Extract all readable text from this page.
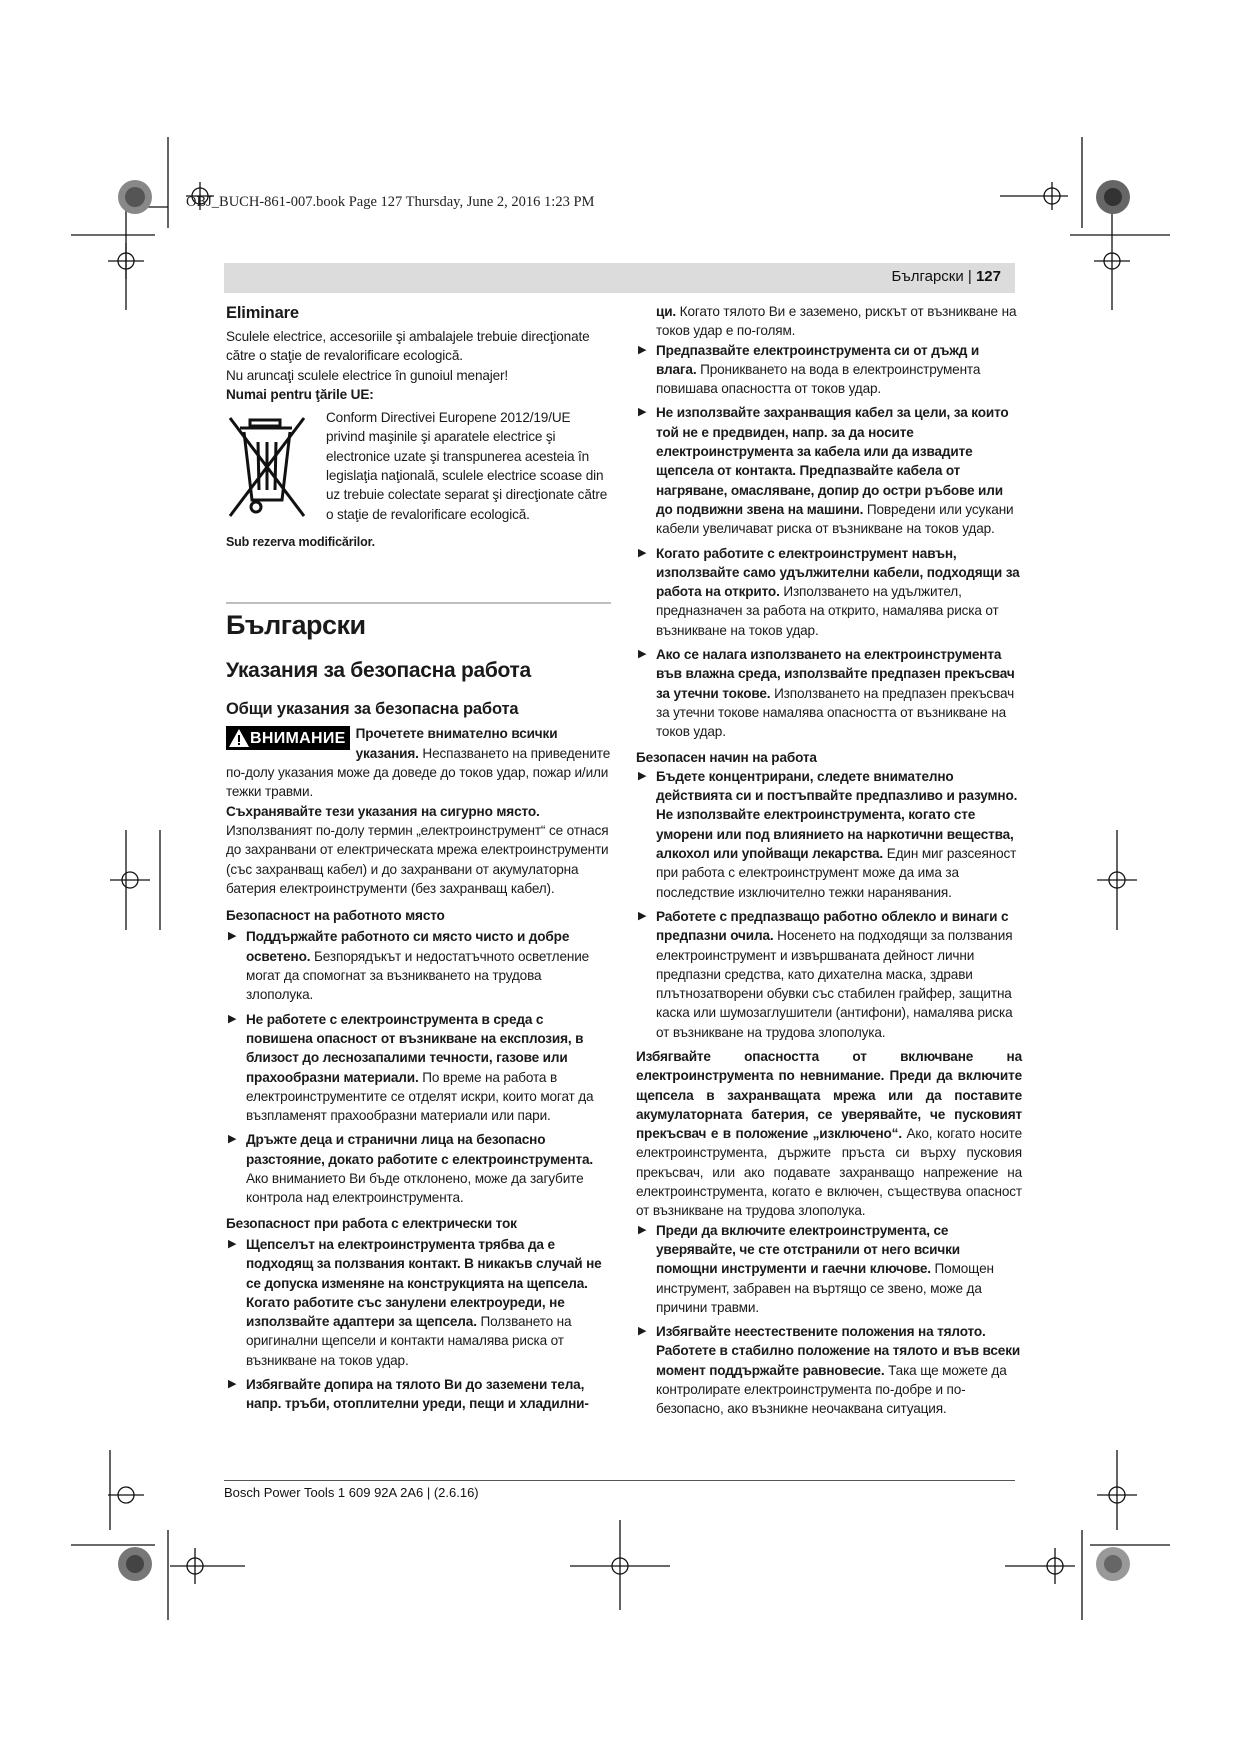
OBJ_BUCH-861-007.book Page 127 Thursday, June 2, 2016 1:23 PM
Български | 127
Eliminare

Sculele electrice, accesoriile şi ambalajele trebuie direcţionate către o staţie de revalorificare ecologică.

Nu aruncaţi sculele electrice în gunoiul menajer!

Numai pentru ţările UE:

Conform Directivei Europene 2012/19/UE privind maşinile şi aparatele electrice şi electronice uzate şi transpunerea acesteia în legislaţia naţională, sculele electrice scoase din uz trebuie colectate separat şi direcţionate către o staţie de revalorificare ecologică.

Sub rezerva modificărilor.

Български
Указания за безопасна работа
Общи указания за безопасна работа

ВНИМАНИЕ Прочетете внимателно всички указания. Неспазването на приведените по-долу указания може да доведе до токов удар, пожар и/или тежки травми.

Съхранявайте тези указания на сигурно място.

Използваният по-долу термин „електроинструмент“ се отнася до захранвани от електрическата мрежа електроинструменти (със захранващ кабел) и до захранвани от акумулаторна батерия електроинструменти (без захранващ кабел).

Безопасност на работното място

▶ Поддържайте работното си място чисто и добре осветено. Безпорядъкът и недостатъчното осветление могат да спомогнат за възникването на трудова злополука.
▶ Не работете с електроинструмента в среда с повишена опасност от възникване на експлозия, в близост до леснозапалими течности, газове или прахообразни материали. По време на работа в електроинструментите се отделят искри, които могат да възпламенят прахообразни материали или пари.
▶ Дръжте деца и странични лица на безопасно разстояние, докато работите с електроинструмента. Ако вниманието Ви бъде отклонено, може да загубите контрола над електроинструмента.

Безопасност при работа с електрически ток

▶ Щепселът на електроинструмента трябва да е подходящ за ползвания контакт. В никакъв случай не се допуска изменяне на конструкцията на щепсела. Когато работите със занулени електроуреди, не използвайте адаптери за щепсела. Ползването на оригинални щепсели и контакти намалява риска от възникване на токов удар.
▶ Избягвайте допира на тялото Ви до заземени тела, напр. тръби, отоплителни уреди, пещи и хладилни-

ци. Когато тялото Ви е заземено, рискът от възникване на токов удар е по-голям.

▶ Предпазвайте електроинструмента си от дъжд и влага. Проникването на вода в електроинструмента повишава опасността от токов удар.
▶ Не използвайте захранващия кабел за цели, за които той не е предвиден, напр. за да носите електроинструмента за кабела или да извадите щепсела от контакта. Предпазвайте кабела от нагряване, омасляване, допир до остри ръбове или до подвижни звена на машини. Повредени или усукани кабели увеличават риска от възникване на токов удар.
▶ Когато работите с електроинструмент навън, използвайте само удължителни кабели, подходящи за работа на открито. Използването на удължител, предназначен за работа на открито, намалява риска от възникване на токов удар.
▶ Ако се налага използването на електроинструмента във влажна среда, използвайте предпазен прекъсвач за утечни токове. Използването на предпазен прекъсвач за утечни токове намалява опасността от възникване на токов удар.

Безопасен начин на работа

▶ Бъдете концентрирани, следете внимателно действията си и постъпвайте предпазливо и разумно. Не използвайте електроинструмента, когато сте уморени или под влиянието на наркотични вещества, алкохол или упойващи лекарства. Един миг разсеяност при работа с електроинструмент може да има за последствие изключително тежки наранявания.
▶ Работете с предпазващо работно облекло и винаги с предпазни очила. Носенето на подходящи за ползвания електроинструмент и извършваната дейност лични предпазни средства, като дихателна маска, здрави плътнозатворени обувки със стабилен грайфер, защитна каска или шумозаглушители (антифони), намалява риска от възникване на трудова злополука.

Избягвайте опасността от включване на електроинструмента по невнимание. Преди да включите щепсела в захранващата мрежа или да поставите акумулаторната батерия, се уверявайте, че пусковият прекъсвач е в положение „изключено“. Ако, когато носите електроинструмента, държите пръста си върху пусковия прекъсвач, или ако подавате захранващо напрежение на електроинструмента, когато е включен, съществува опасност от възникване на трудова злополука.

▶ Преди да включите електроинструмента, се уверявайте, че сте отстранили от него всички помощни инструменти и гаечни ключове. Помощен инструмент, забравен на въртящо се звено, може да причини травми.
▶ Избягвайте неестествените положения на тялото. Работете в стабилно положение на тялото и във всеки момент поддържайте равновесие. Така ще можете да контролирате електроинструмента по-добре и по-безопасно, ако възникне неочаквана ситуация.
Bosch Power Tools 1 609 92A 2A6 | (2.6.16)
